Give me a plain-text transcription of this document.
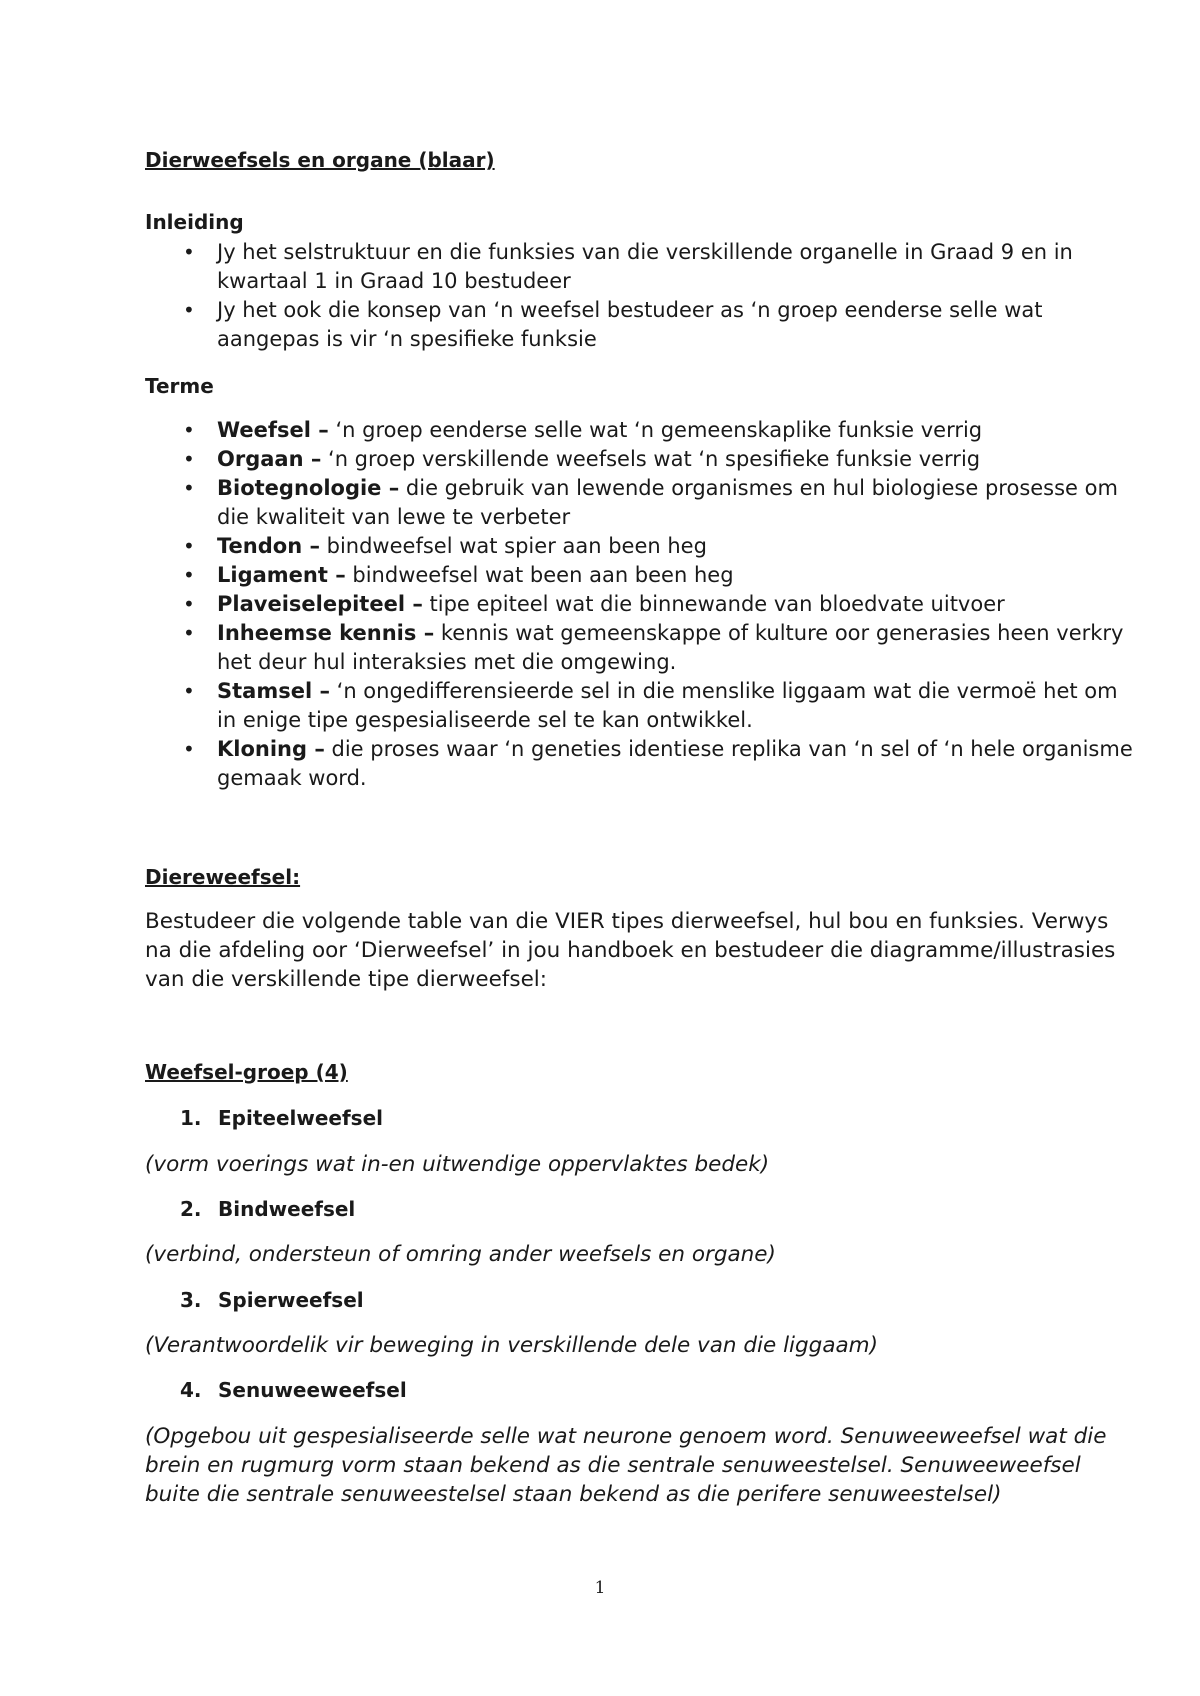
Dierweefsels en organe (blaar)
Inleiding
• Jy het selstruktuur en die funksies van die verskillende organelle in Graad 9 en in kwartaal 1 in Graad 10 bestudeer
• Jy het ook die konsep van ‘n weefsel bestudeer as ‘n groep eenderse selle wat aangepas is vir ‘n spesifieke funksie
Terme
• Weefsel – ‘n groep eenderse selle wat ‘n gemeenskaplike funksie verrig
• Orgaan – ‘n groep verskillende weefsels wat ‘n spesifieke funksie verrig
• Biotegnologie – die gebruik van lewende organismes en hul biologiese prosesse om die kwaliteit van lewe te verbeter
• Tendon – bindweefsel wat spier aan been heg
• Ligament – bindweefsel wat been aan been heg
• Plaveiselepiteel – tipe epiteel wat die binnewande van bloedvate uitvoer
• Inheemse kennis – kennis wat gemeenskappe of kulture oor generasies heen verkry het deur hul interaksies met die omgewing.
• Stamsel – ‘n ongedifferensieerde sel in die menslike liggaam wat die vermoë het om in enige tipe gespesialiseerde sel te kan ontwikkel.
• Kloning – die proses waar ‘n geneties identiese replika van ‘n sel of ‘n hele organisme gemaak word.
Diereweefsel:

Bestudeer die volgende table van die VIER tipes dierweefsel, hul bou en funksies. Verwys na die afdeling oor ‘Dierweefsel’ in jou handboek en bestudeer die diagramme/illustrasies van die verskillende tipe dierweefsel:

Weefsel-groep (4)
1. Epiteelweefsel

(vorm voerings wat in-en uitwendige oppervlaktes bedek)

2. Bindweefsel

(verbind, ondersteun of omring ander weefsels en organe)

3. Spierweefsel

(Verantwoordelik vir beweging in verskillende dele van die liggaam)

4. Senuweeweefsel

(Opgebou uit gespesialiseerde selle wat neurone genoem word. Senuweeweefsel wat die brein en rugmurg vorm staan bekend as die sentrale senuweestelsel. Senuweeweefsel buite die sentrale senuweestelsel staan bekend as die perifere senuweestelsel)

1
